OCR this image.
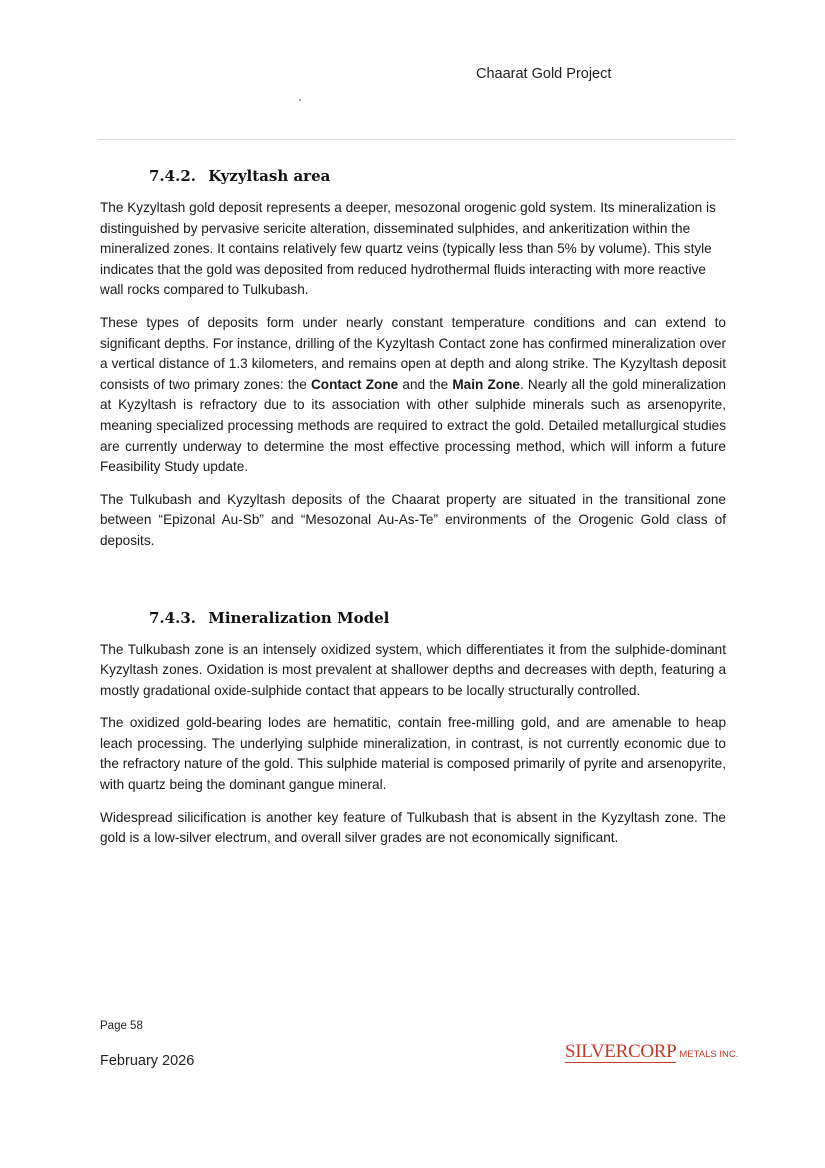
Chaarat Gold Project
7.4.2. Kyzyltash area

The Kyzyltash gold deposit represents a deeper, mesozonal orogenic gold system. Its mineralization is distinguished by pervasive sericite alteration, disseminated sulphides, and ankeritization within the mineralized zones. It contains relatively few quartz veins (typically less than 5% by volume). This style indicates that the gold was deposited from reduced hydrothermal fluids interacting with more reactive wall rocks compared to Tulkubash.

These types of deposits form under nearly constant temperature conditions and can extend to significant depths. For instance, drilling of the Kyzyltash Contact zone has confirmed mineralization over a vertical distance of 1.3 kilometers, and remains open at depth and along strike. The Kyzyltash deposit consists of two primary zones: the Contact Zone and the Main Zone. Nearly all the gold mineralization at Kyzyltash is refractory due to its association with other sulphide minerals such as arsenopyrite, meaning specialized processing methods are required to extract the gold. Detailed metallurgical studies are currently underway to determine the most effective processing method, which will inform a future Feasibility Study update.

The Tulkubash and Kyzyltash deposits of the Chaarat property are situated in the transitional zone between “Epizonal Au-Sb” and “Mesozonal Au-As-Te” environments of the Orogenic Gold class of deposits.

7.4.3. Mineralization Model

The Tulkubash zone is an intensely oxidized system, which differentiates it from the sulphide-dominant Kyzyltash zones. Oxidation is most prevalent at shallower depths and decreases with depth, featuring a mostly gradational oxide-sulphide contact that appears to be locally structurally controlled.

The oxidized gold-bearing lodes are hematitic, contain free-milling gold, and are amenable to heap leach processing. The underlying sulphide mineralization, in contrast, is not currently economic due to the refractory nature of the gold. This sulphide material is composed primarily of pyrite and arsenopyrite, with quartz being the dominant gangue mineral.

Widespread silicification is another key feature of Tulkubash that is absent in the Kyzyltash zone. The gold is a low-silver electrum, and overall silver grades are not economically significant.

Page 58
February 2026	SILVERCORP METALS INC.
